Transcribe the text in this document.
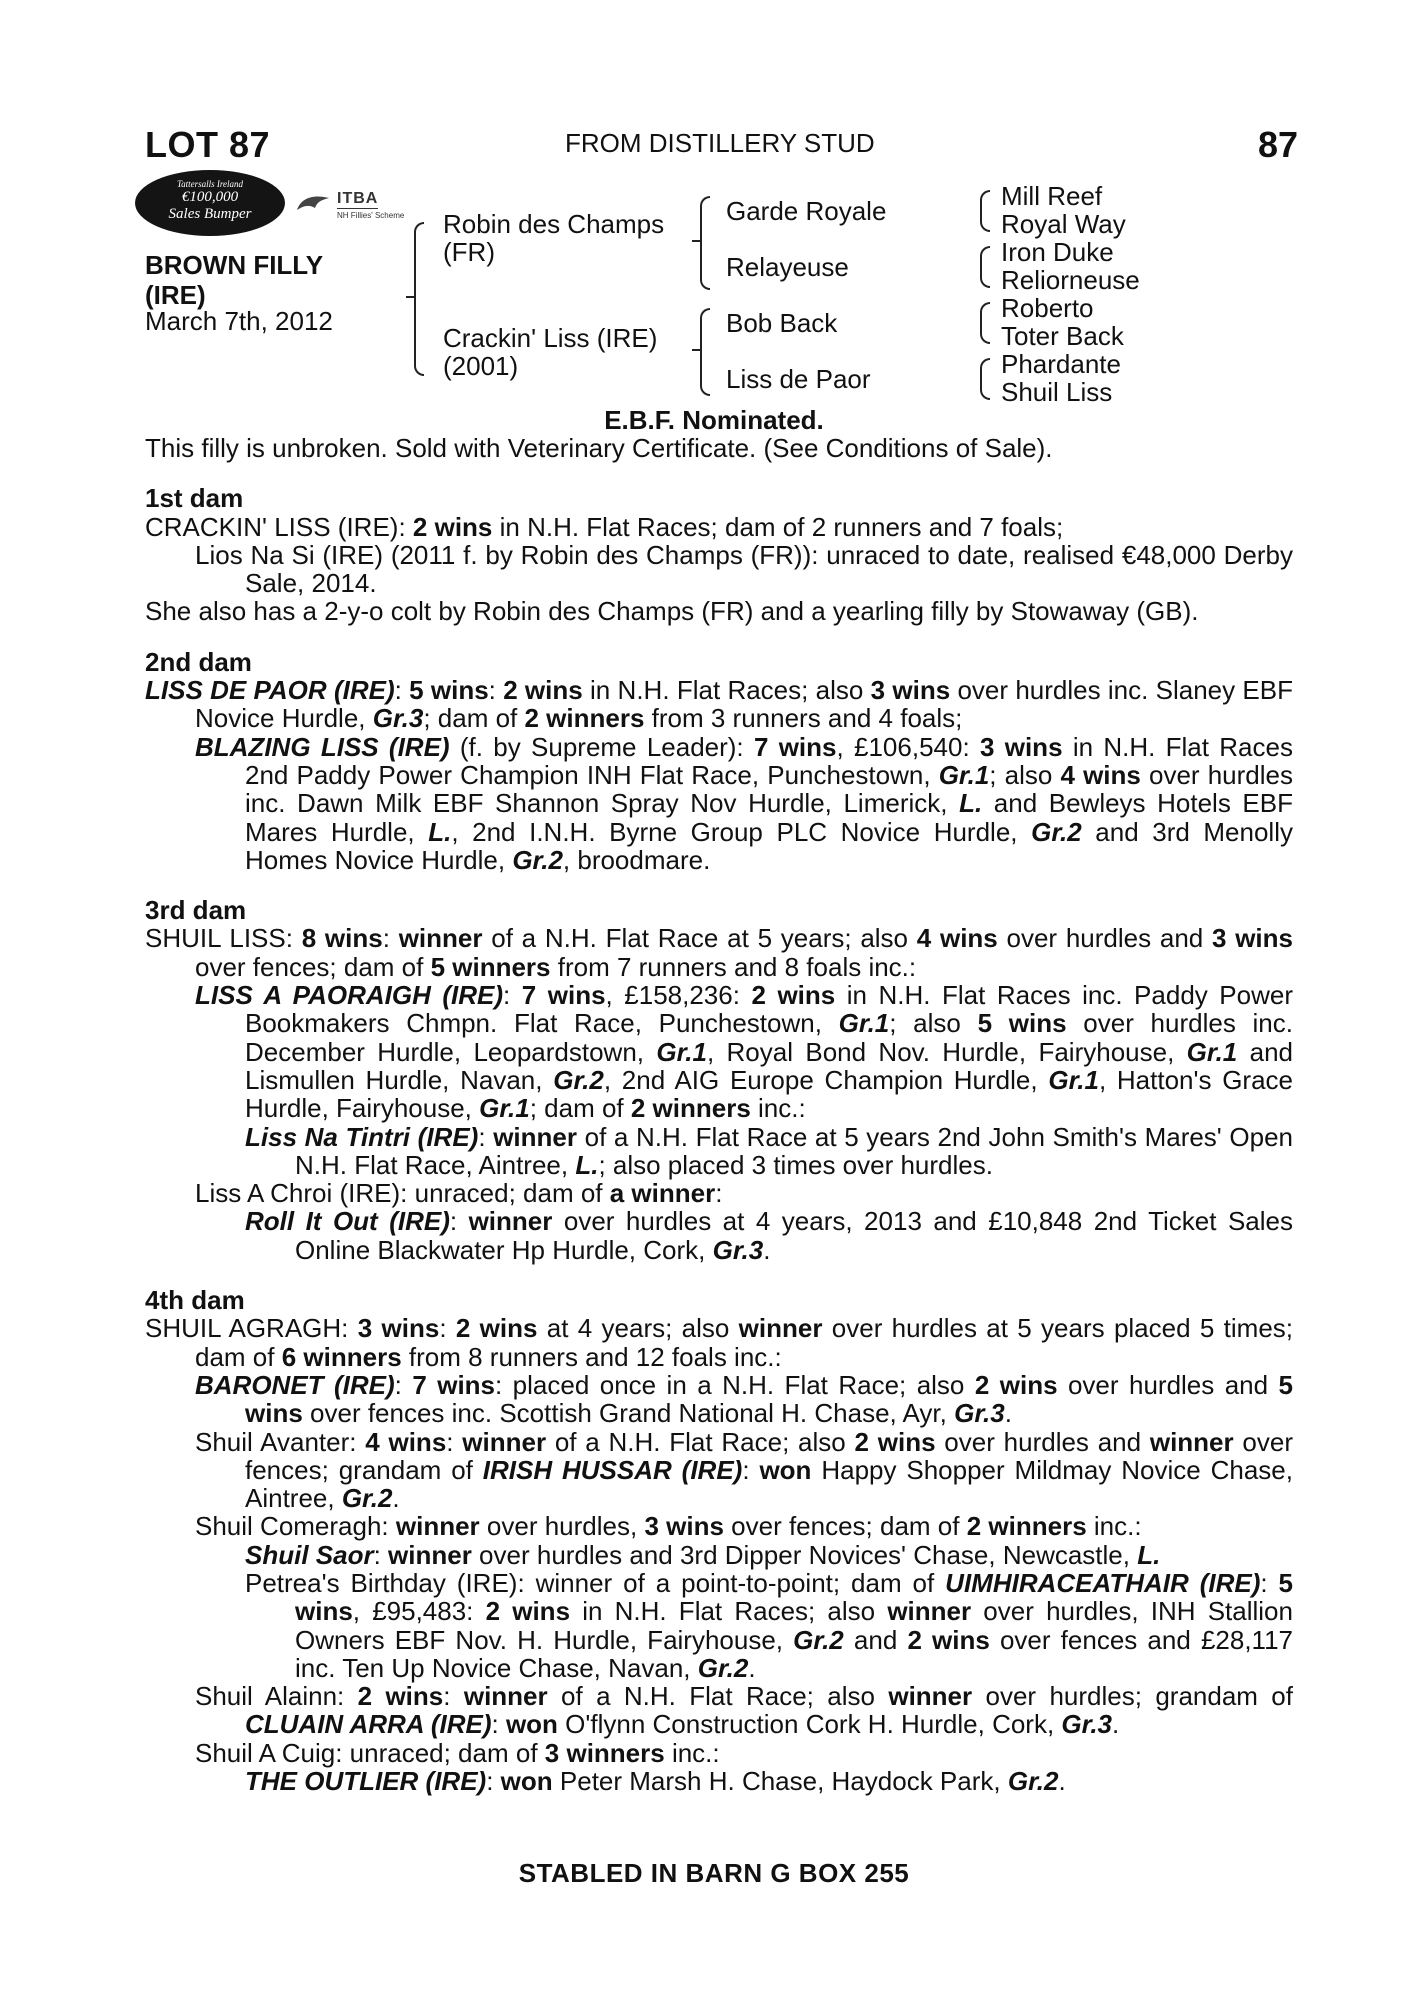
LOT 87	FROM DISTILLERY STUD	87
Tattersalls Ireland
€100,000
Sales Bumper
ITBA
NH Fillies' Scheme
BROWN FILLY (IRE)
March 7th, 2012
Robin des Champs (FR)
Crackin' Liss (IRE) (2001)
Garde Royale
Relayeuse
Bob Back
Liss de Paor
Mill Reef
Royal Way
Iron Duke
Reliorneuse
Roberto
Toter Back
Phardante
Shuil Liss
E.B.F. Nominated.

This filly is unbroken. Sold with Veterinary Certificate. (See Conditions of Sale).

1st dam

CRACKIN' LISS (IRE): 2 wins in N.H. Flat Races; dam of 2 runners and 7 foals;

Lios Na Si (IRE) (2011 f. by Robin des Champs (FR)): unraced to date, realised €48,000 Derby Sale, 2014.

She also has a 2-y-o colt by Robin des Champs (FR) and a yearling filly by Stowaway (GB).

2nd dam

LISS DE PAOR (IRE): 5 wins: 2 wins in N.H. Flat Races; also 3 wins over hurdles inc. Slaney EBF Novice Hurdle, Gr.3; dam of 2 winners from 3 runners and 4 foals;

BLAZING LISS (IRE) (f. by Supreme Leader): 7 wins, £106,540: 3 wins in N.H. Flat Races 2nd Paddy Power Champion INH Flat Race, Punchestown, Gr.1; also 4 wins over hurdles inc. Dawn Milk EBF Shannon Spray Nov Hurdle, Limerick, L. and Bewleys Hotels EBF Mares Hurdle, L., 2nd I.N.H. Byrne Group PLC Novice Hurdle, Gr.2 and 3rd Menolly Homes Novice Hurdle, Gr.2, broodmare.

3rd dam

SHUIL LISS: 8 wins: winner of a N.H. Flat Race at 5 years; also 4 wins over hurdles and 3 wins over fences; dam of 5 winners from 7 runners and 8 foals inc.:

LISS A PAORAIGH (IRE): 7 wins, £158,236: 2 wins in N.H. Flat Races inc. Paddy Power Bookmakers Chmpn. Flat Race, Punchestown, Gr.1; also 5 wins over hurdles inc. December Hurdle, Leopardstown, Gr.1, Royal Bond Nov. Hurdle, Fairyhouse, Gr.1 and Lismullen Hurdle, Navan, Gr.2, 2nd AIG Europe Champion Hurdle, Gr.1, Hatton's Grace Hurdle, Fairyhouse, Gr.1; dam of 2 winners inc.:

Liss Na Tintri (IRE): winner of a N.H. Flat Race at 5 years 2nd John Smith's Mares' Open N.H. Flat Race, Aintree, L.; also placed 3 times over hurdles.

Liss A Chroi (IRE): unraced; dam of a winner:

Roll It Out (IRE): winner over hurdles at 4 years, 2013 and £10,848 2nd Ticket Sales Online Blackwater Hp Hurdle, Cork, Gr.3.

4th dam

SHUIL AGRAGH: 3 wins: 2 wins at 4 years; also winner over hurdles at 5 years placed 5 times; dam of 6 winners from 8 runners and 12 foals inc.:

BARONET (IRE): 7 wins: placed once in a N.H. Flat Race; also 2 wins over hurdles and 5 wins over fences inc. Scottish Grand National H. Chase, Ayr, Gr.3.

Shuil Avanter: 4 wins: winner of a N.H. Flat Race; also 2 wins over hurdles and winner over fences; grandam of IRISH HUSSAR (IRE): won Happy Shopper Mildmay Novice Chase, Aintree, Gr.2.

Shuil Comeragh: winner over hurdles, 3 wins over fences; dam of 2 winners inc.:

Shuil Saor: winner over hurdles and 3rd Dipper Novices' Chase, Newcastle, L.

Petrea's Birthday (IRE): winner of a point-to-point; dam of UIMHIRACEATHAIR (IRE): 5 wins, £95,483: 2 wins in N.H. Flat Races; also winner over hurdles, INH Stallion Owners EBF Nov. H. Hurdle, Fairyhouse, Gr.2 and 2 wins over fences and £28,117 inc. Ten Up Novice Chase, Navan, Gr.2.

Shuil Alainn: 2 wins: winner of a N.H. Flat Race; also winner over hurdles; grandam of CLUAIN ARRA (IRE): won O'flynn Construction Cork H. Hurdle, Cork, Gr.3.

Shuil A Cuig: unraced; dam of 3 winners inc.:

THE OUTLIER (IRE): won Peter Marsh H. Chase, Haydock Park, Gr.2.

STABLED IN BARN G BOX 255
